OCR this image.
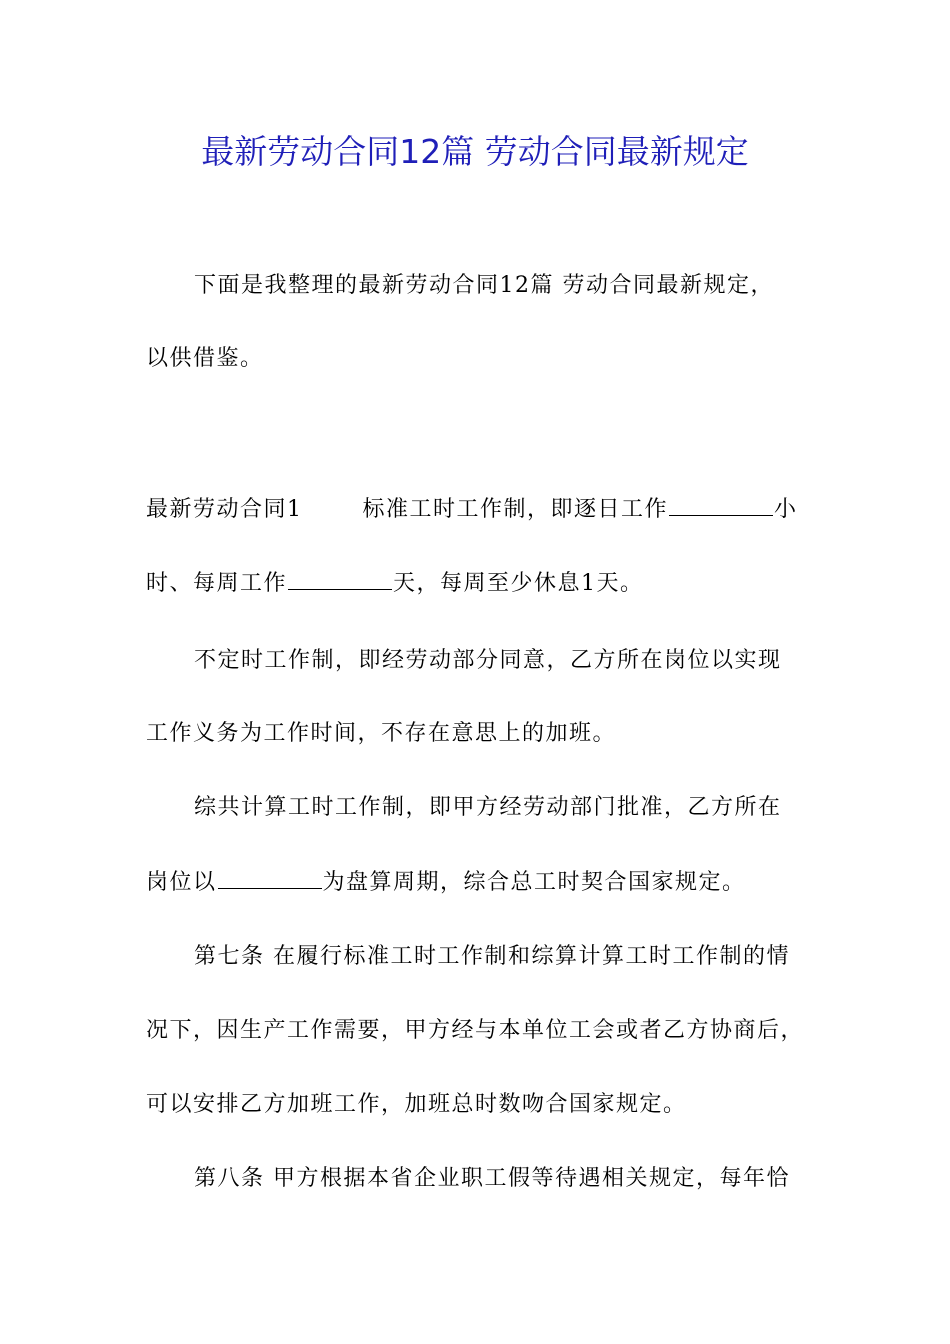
最新劳动合同12篇 劳动合同最新规定
下面是我整理的最新劳动合同12篇 劳动合同最新规定，
以供借鉴。
最新劳动合同1	标准工时工作制，即逐日工作	小
时、每周工作	天，每周至少休息1天。
不定时工作制，即经劳动部分同意，乙方所在岗位以实现
工作义务为工作时间，不存在意思上的加班。
综共计算工时工作制，即甲方经劳动部门批准，乙方所在
岗位以	为盘算周期，综合总工时契合国家规定。
第七条 在履行标准工时工作制和综算计算工时工作制的情
况下，因生产工作需要，甲方经与本单位工会或者乙方协商后，
可以安排乙方加班工作，加班总时数吻合国家规定。
第八条 甲方根据本省企业职工假等待遇相关规定，每年恰
